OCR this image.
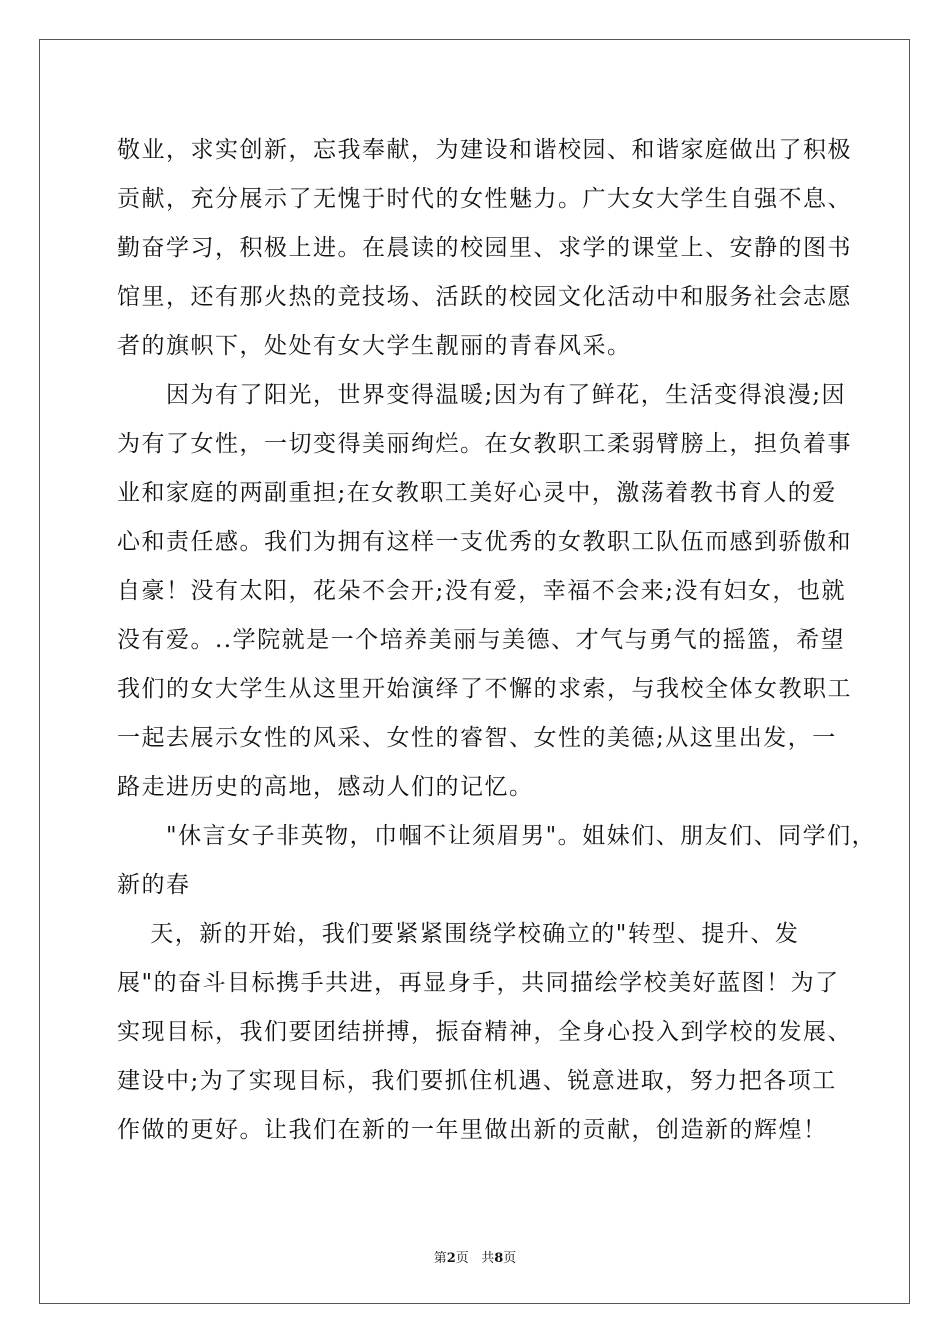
敬业，求实创新，忘我奉献，为建设和谐校园、和谐家庭做出了积极
贡献，充分展示了无愧于时代的女性魅力。广大女大学生自强不息、
勤奋学习，积极上进。在晨读的校园里、求学的课堂上、安静的图书
馆里，还有那火热的竞技场、活跃的校园文化活动中和服务社会志愿
者的旗帜下，处处有女大学生靓丽的青春风采。
　　因为有了阳光，世界变得温暖;因为有了鲜花，生活变得浪漫;因
为有了女性，一切变得美丽绚烂。在女教职工柔弱臂膀上，担负着事
业和家庭的两副重担;在女教职工美好心灵中，激荡着教书育人的爱
心和责任感。我们为拥有这样一支优秀的女教职工队伍而感到骄傲和
自豪！没有太阳，花朵不会开;没有爱，幸福不会来;没有妇女，也就
没有爱。..学院就是一个培养美丽与美德、才气与勇气的摇篮，希望
我们的女大学生从这里开始演绎了不懈的求索，与我校全体女教职工
一起去展示女性的风采、女性的睿智、女性的美德;从这里出发，一
路走进历史的高地，感动人们的记忆。
　　"休言女子非英物，巾帼不让须眉男"。姐妹们、朋友们、同学们，
新的春
　 天，新的开始，我们要紧紧围绕学校确立的"转型、提升、发
展"的奋斗目标携手共进，再显身手，共同描绘学校美好蓝图！为了
实现目标，我们要团结拼搏，振奋精神，全身心投入到学校的发展、
建设中;为了实现目标，我们要抓住机遇、锐意进取，努力把各项工
作做的更好。让我们在新的一年里做出新的贡献，创造新的辉煌！
第2页 共8页
